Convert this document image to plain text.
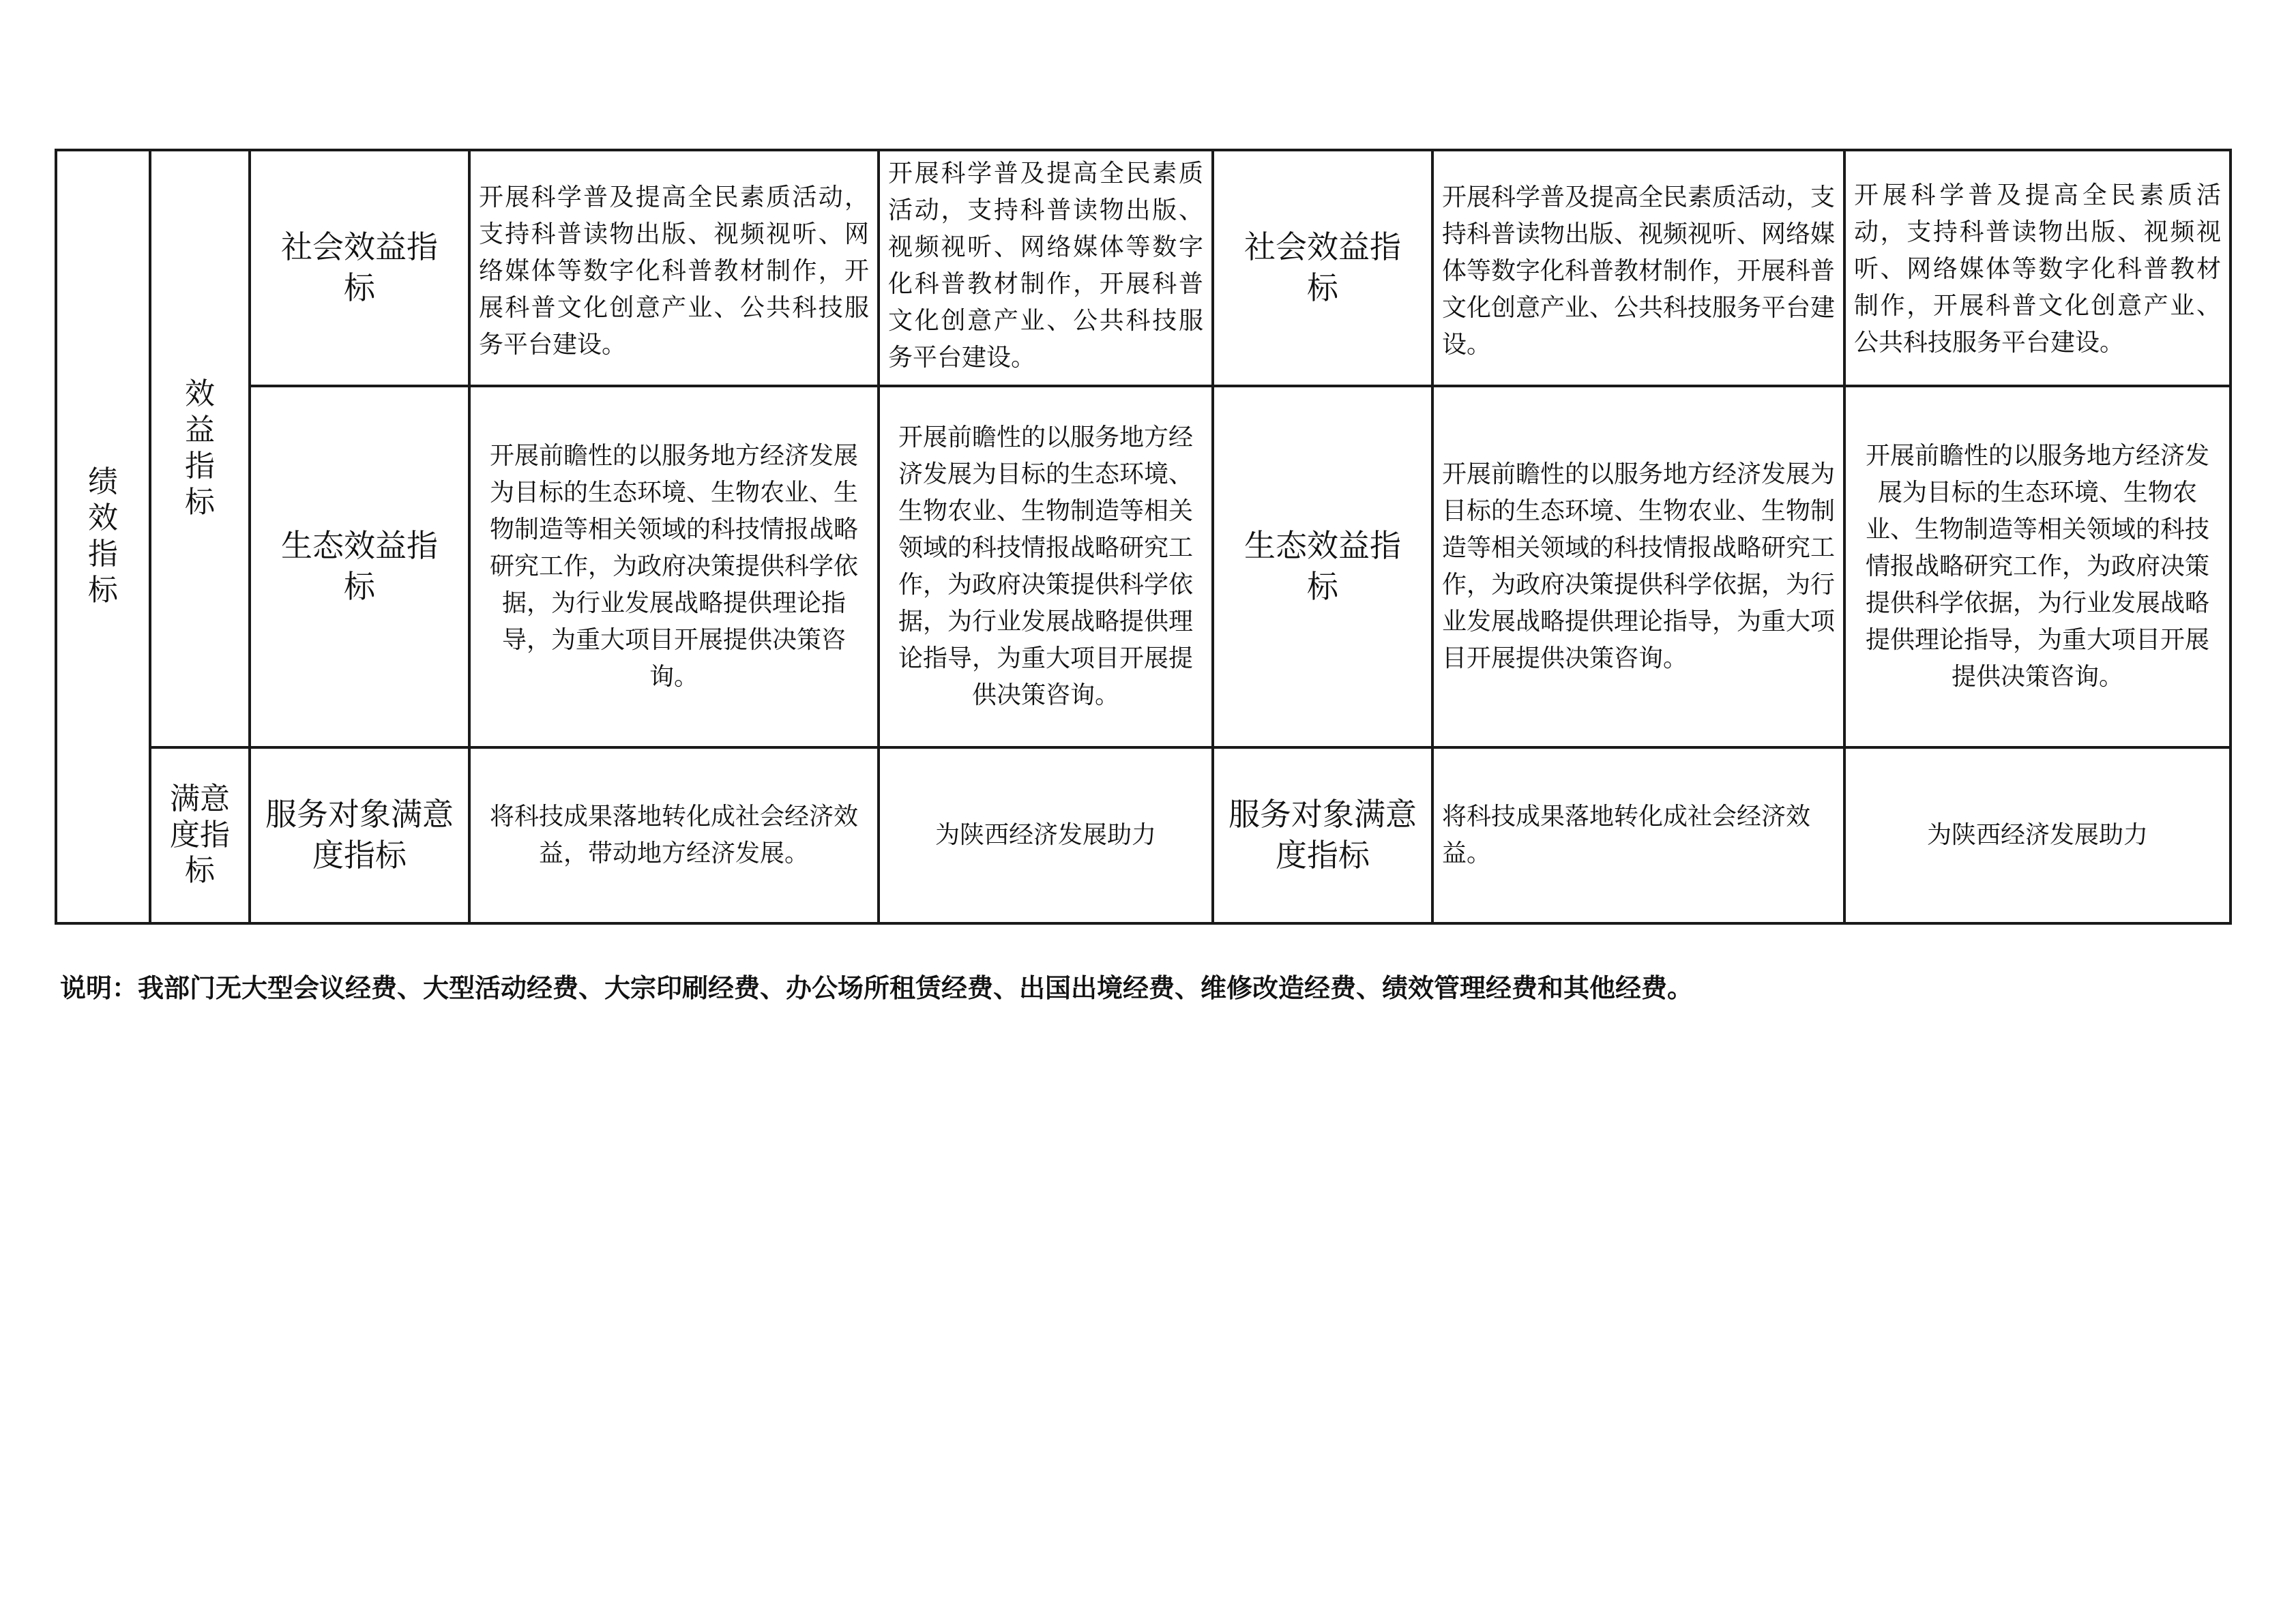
绩效指标	效益指标	社会效益指标	开展科学普及提高全民素质活动，支持科普读物出版、视频视听、网络媒体等数字化科普教材制作，开展科普文化创意产业、公共科技服务平台建设。	开展科学普及提高全民素质活动，支持科普读物出版、视频视听、网络媒体等数字化科普教材制作，开展科普文化创意产业、公共科技服务平台建设。	社会效益指标	开展科学普及提高全民素质活动，支持科普读物出版、视频视听、网络媒体等数字化科普教材制作，开展科普文化创意产业、公共科技服务平台建设。	开展科学普及提高全民素质活动，支持科普读物出版、视频视听、网络媒体等数字化科普教材制作，开展科普文化创意产业、公共科技服务平台建设。

		生态效益指标	开展前瞻性的以服务地方经济发展为目标的生态环境、生物农业、生物制造等相关领域的科技情报战略研究工作，为政府决策提供科学依据，为行业发展战略提供理论指导，为重大项目开展提供决策咨询。	开展前瞻性的以服务地方经济发展为目标的生态环境、生物农业、生物制造等相关领域的科技情报战略研究工作，为政府决策提供科学依据，为行业发展战略提供理论指导，为重大项目开展提供决策咨询。	生态效益指标	开展前瞻性的以服务地方经济发展为目标的生态环境、生物农业、生物制造等相关领域的科技情报战略研究工作，为政府决策提供科学依据，为行业发展战略提供理论指导，为重大项目开展提供决策咨询。	开展前瞻性的以服务地方经济发展为目标的生态环境、生物农业、生物制造等相关领域的科技情报战略研究工作，为政府决策提供科学依据，为行业发展战略提供理论指导，为重大项目开展提供决策咨询。

	满意度指标	服务对象满意度指标	将科技成果落地转化成社会经济效益，带动地方经济发展。	为陕西经济发展助力	服务对象满意度指标	将科技成果落地转化成社会经济效益。	为陕西经济发展助力
说明：我部门无大型会议经费、大型活动经费、大宗印刷经费、办公场所租赁经费、出国出境经费、维修改造经费、绩效管理经费和其他经费。
